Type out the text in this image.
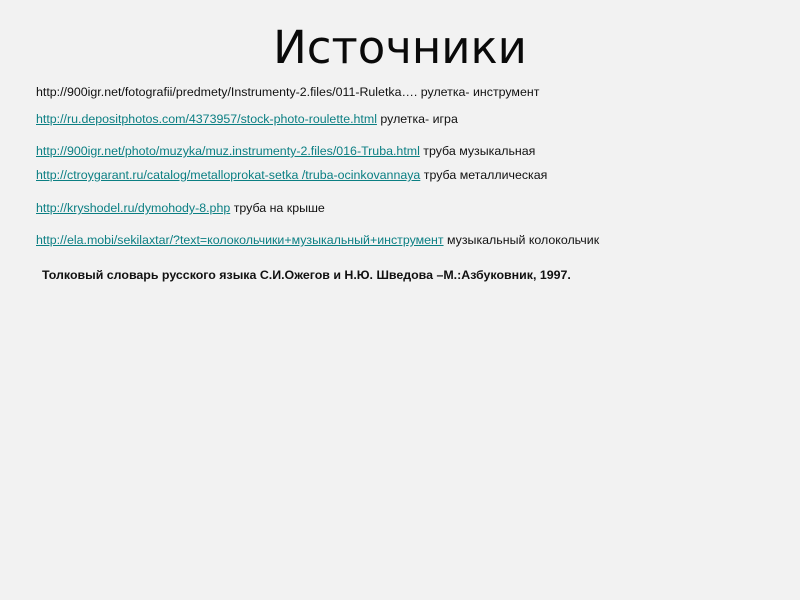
Источники
http://900igr.net/fotografii/predmety/Instrumenty-2.files/011-Ruletka…. рулетка- инструмент
http://ru.depositphotos.com/4373957/stock-photo-roulette.html рулетка- игра
http://900igr.net/photo/muzyka/muz.instrumenty-2.files/016-Truba.html труба музыкальная
http://ctroygarant.ru/catalog/metalloprokat-setka /truba-ocinkovannaya труба металлическая
http://kryshodel.ru/dymohody-8.php труба на крыше
http://ela.mobi/sekilaxtar/?text=колокольчики+музыкальный+инструмент музыкальный колокольчик
Толковый словарь русского языка С.И.Ожегов и Н.Ю. Шведова –М.:Азбуковник, 1997.
